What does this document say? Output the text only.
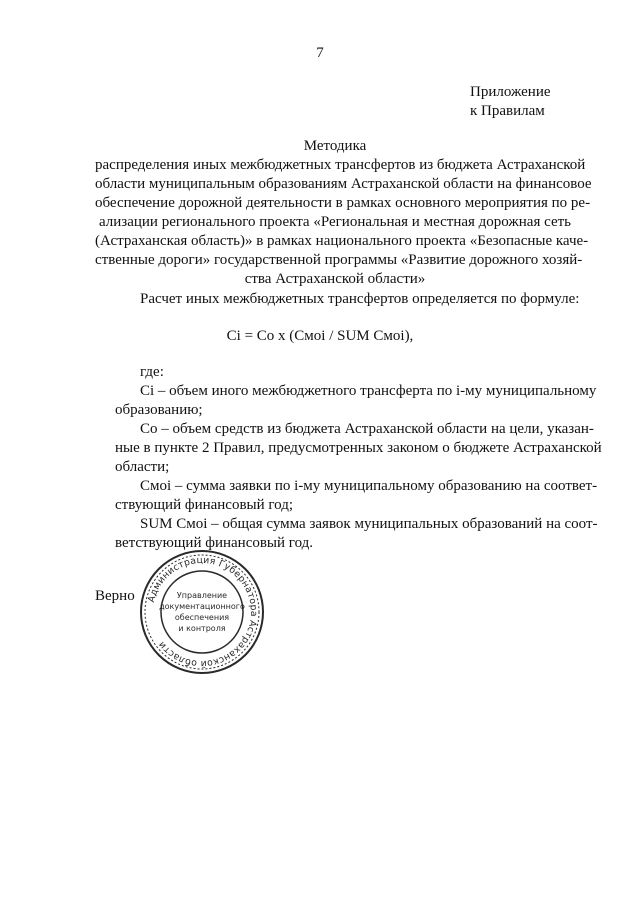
7
Приложение
к Правилам
Методика
распределения иных межбюджетных трансфертов из бюджета Астраханской
области муниципальным образованиям Астраханской области на финансовое
обеспечение дорожной деятельности в рамках основного мероприятия по ре-
ализации регионального проекта «Региональная и местная дорожная сеть
(Астраханская область)» в рамках национального проекта «Безопасные каче-
ственные дороги» государственной программы «Развитие дорожного хозяй-
ства Астраханской области»
Расчет иных межбюджетных трансфертов определяется по формуле:
Ci = Co x (Cмoi / SUM Cмoi),
где:
Ci – объем иного межбюджетного трансферта по i-му муниципальному
образованию;
Co – объем средств из бюджета Астраханской области на цели, указан-
ные в пункте 2 Правил, предусмотренных законом о бюджете Астраханской
области;
Cмoi – сумма заявки по i-му муниципальному образованию на соответ-
ствующий финансовый год;
SUM Cмoi – общая сумма заявок муниципальных образований на соот-
ветствующий финансовый год.
Верно Администрация Губернатора Астраханской области
Управление
документационного
обеспечения
и контроля
